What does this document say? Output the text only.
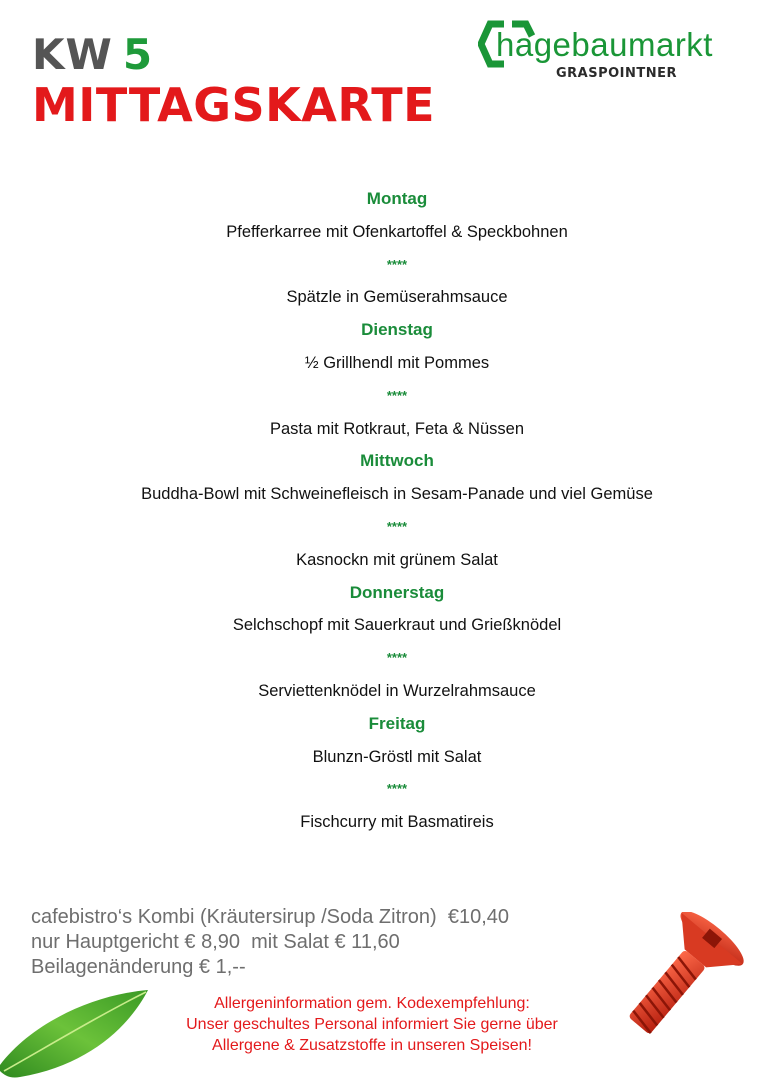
KW 5
MITTAGSKARTE
hagebaumarkt
GRASPOINTNER
Montag
Pfefferkarree mit Ofenkartoffel & Speckbohnen
****
Spätzle in Gemüserahmsauce
Dienstag
½ Grillhendl mit Pommes
****
Pasta mit Rotkraut, Feta & Nüssen
Mittwoch
Buddha-Bowl mit Schweinefleisch in Sesam-Panade und viel Gemüse
****
Kasnockn mit grünem Salat
Donnerstag
Selchschopf mit Sauerkraut und Grießknödel
****
Serviettenknödel in Wurzelrahmsauce
Freitag
Blunzn-Gröstl mit Salat
****
Fischcurry mit Basmatireis
cafebistro‘s Kombi (Kräutersirup /Soda Zitron)  €10,40
nur Hauptgericht € 8,90  mit Salat € 11,60
Beilagenänderung € 1,--
Allergeninformation gem. Kodexempfehlung:
Unser geschultes Personal informiert Sie gerne über
Allergene & Zusatzstoffe in unseren Speisen!
